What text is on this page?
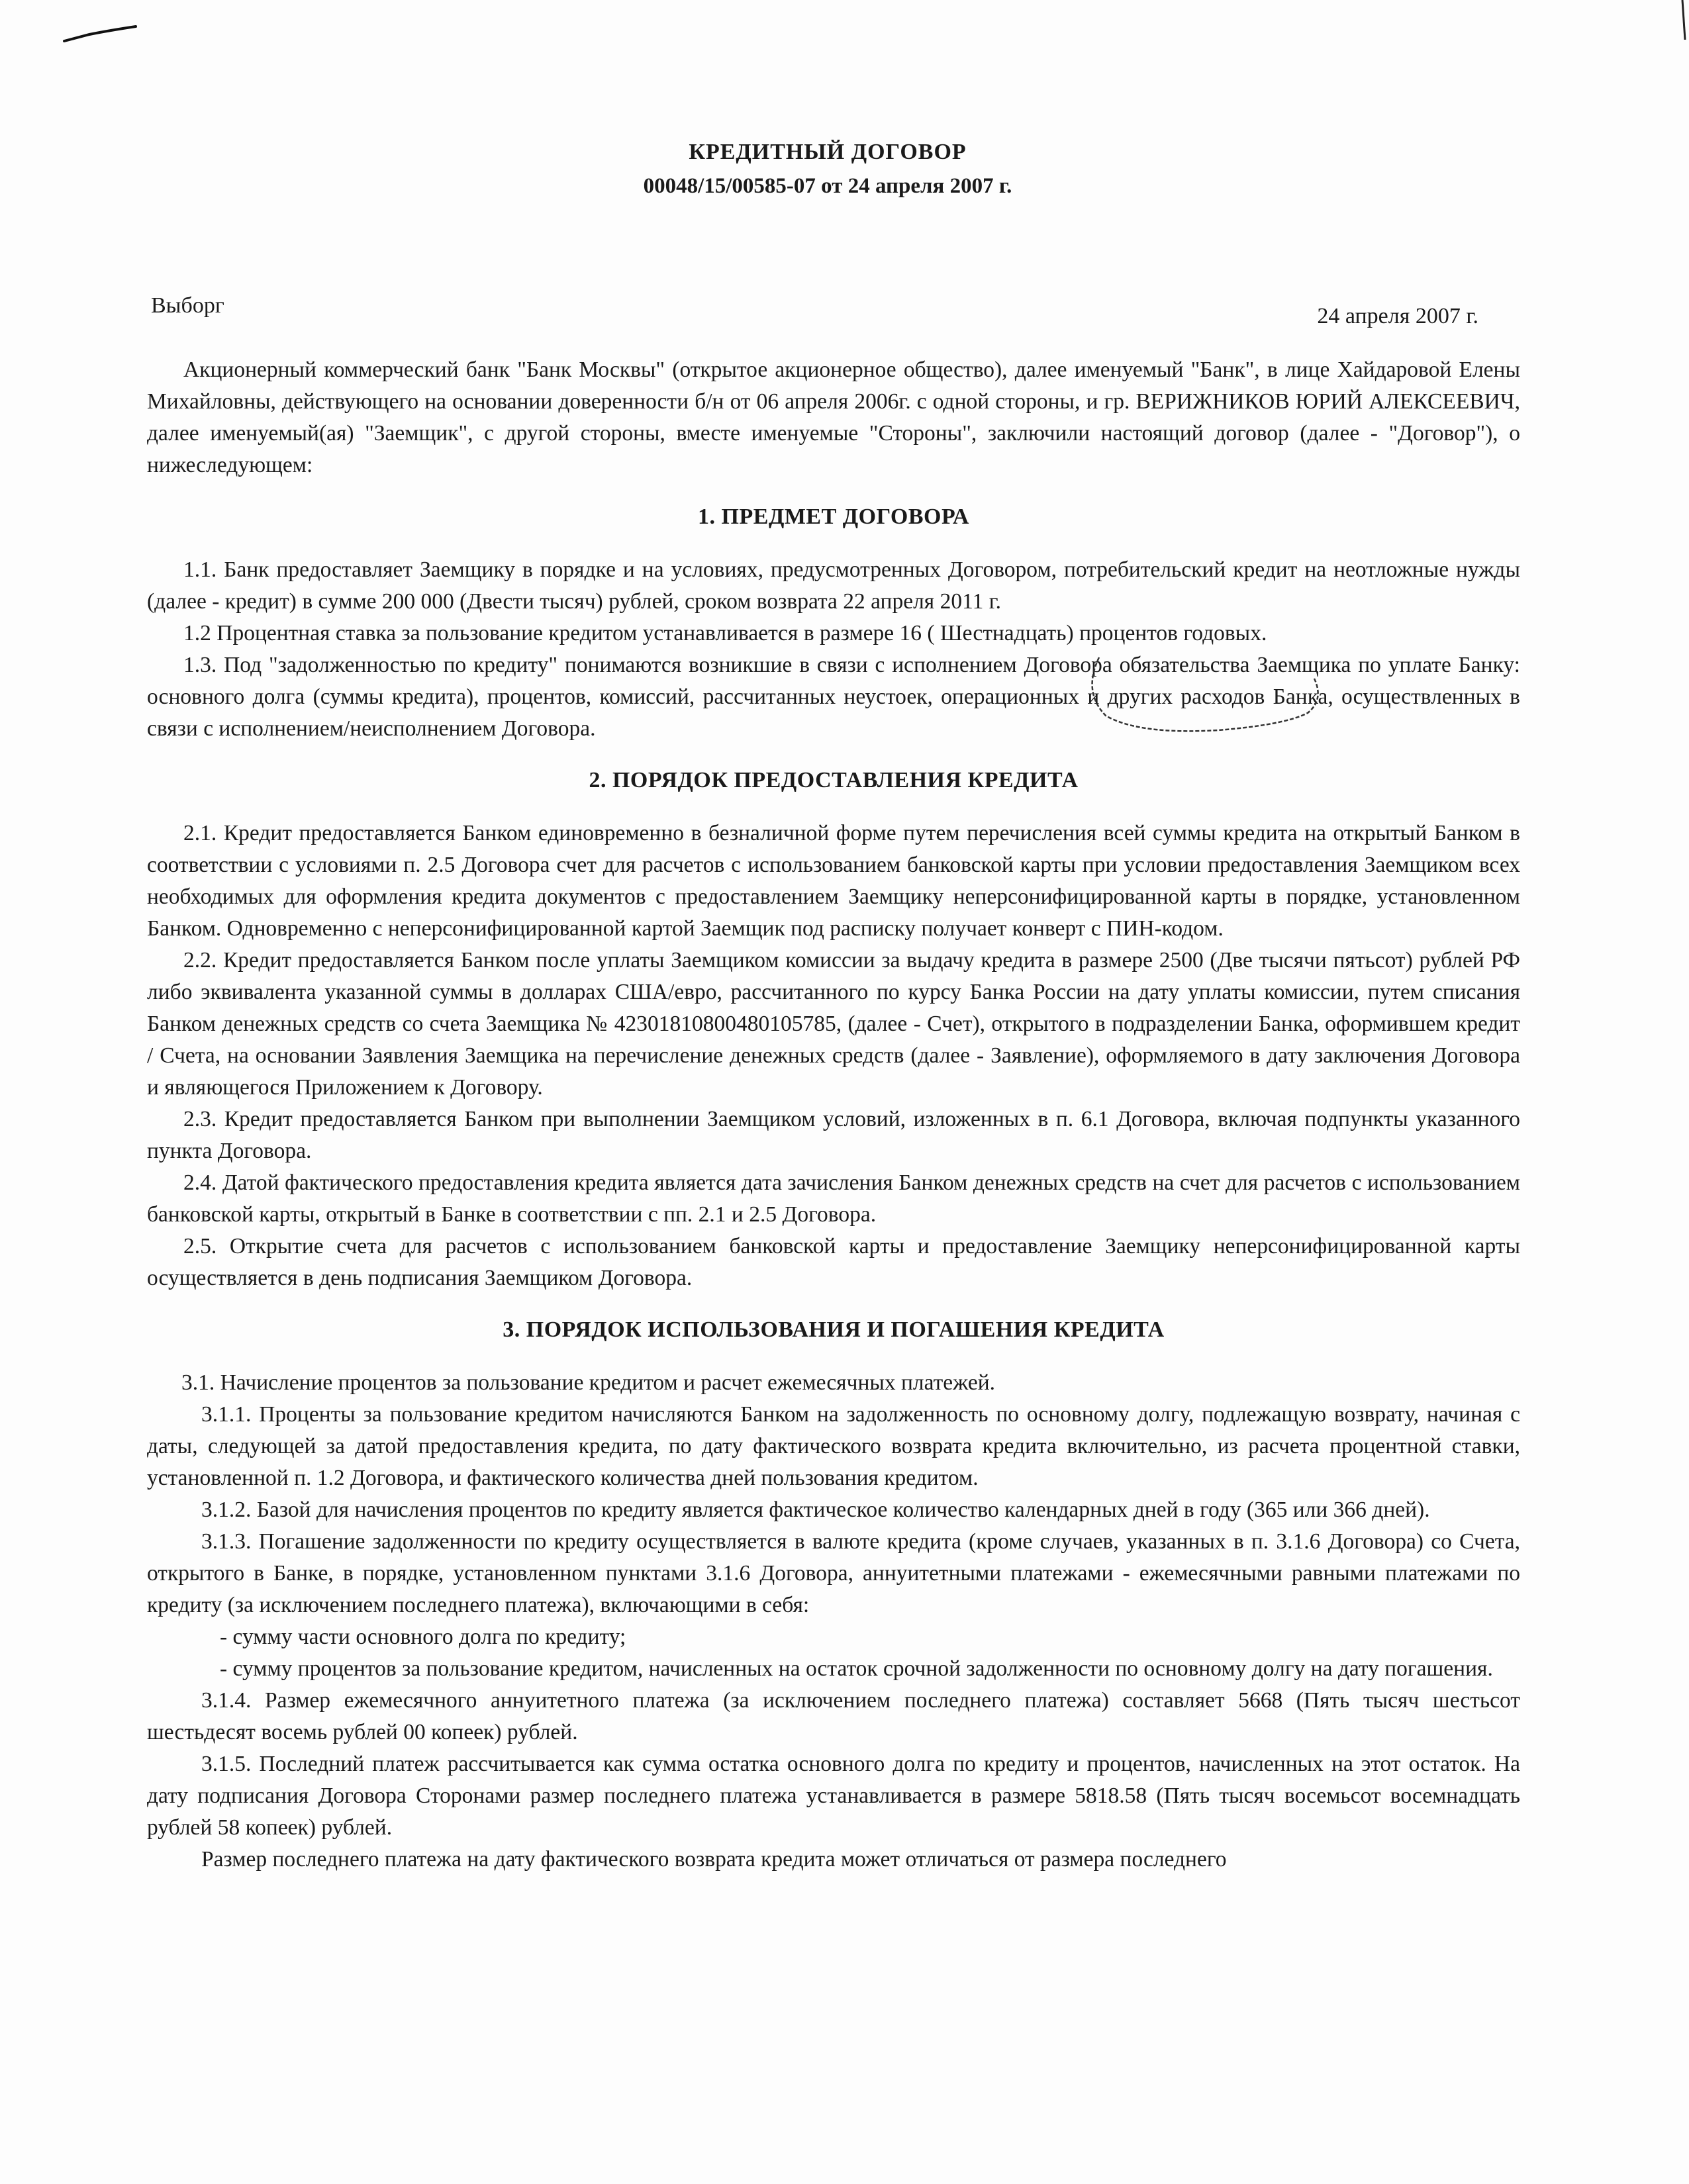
КРЕДИТНЫЙ ДОГОВОР
00048/15/00585-07 от 24 апреля 2007 г.
Выборг	24 апреля 2007 г.

Акционерный коммерческий банк "Банк Москвы" (открытое акционерное общество), далее именуемый "Банк", в лице Хайдаровой Елены Михайловны, действующего на основании доверенности б/н от 06 апреля 2006г. с одной стороны, и гр. ВЕРИЖНИКОВ ЮРИЙ АЛЕКСЕЕВИЧ, далее именуемый(ая) "Заемщик", с другой стороны, вместе именуемые "Стороны", заключили настоящий договор (далее - "Договор"), о нижеследующем:

1. ПРЕДМЕТ ДОГОВОРА

1.1. Банк предоставляет Заемщику в порядке и на условиях, предусмотренных Договором, потребительский кредит на неотложные нужды (далее - кредит) в сумме 200 000 (Двести тысяч) рублей, сроком возврата 22 апреля 2011 г.

1.2 Процентная ставка за пользование кредитом устанавливается в размере 16 ( Шестнадцать) процентов годовых.

1.3. Под "задолженностью по кредиту" понимаются возникшие в связи с исполнением Договора обязательства Заемщика по уплате Банку: основного долга (суммы кредита), процентов, комиссий, рассчитанных неустоек, операционных и других расходов Банка, осуществленных в связи с исполнением/неисполнением Договора.

2. ПОРЯДОК ПРЕДОСТАВЛЕНИЯ КРЕДИТА

2.1. Кредит предоставляется Банком единовременно в безналичной форме путем перечисления всей суммы кредита на открытый Банком в соответствии с условиями п. 2.5 Договора счет для расчетов с использованием банковской карты при условии предоставления Заемщиком всех необходимых для оформления кредита документов с предоставлением Заемщику неперсонифицированной карты в порядке, установленном Банком. Одновременно с неперсонифицированной картой Заемщик под расписку получает конверт с ПИН-кодом.

2.2. Кредит предоставляется Банком после уплаты Заемщиком комиссии за выдачу кредита в размере 2500 (Две тысячи пятьсот) рублей РФ либо эквивалента указанной суммы в долларах США/евро, рассчитанного по курсу Банка России на дату уплаты комиссии, путем списания Банком денежных средств со счета Заемщика № 42301810800480105785, (далее - Счет), открытого в подразделении Банка, оформившем кредит / Счета, на основании Заявления Заемщика на перечисление денежных средств (далее - Заявление), оформляемого в дату заключения Договора и являющегося Приложением к Договору.

2.3. Кредит предоставляется Банком при выполнении Заемщиком условий, изложенных в п. 6.1 Договора, включая подпункты указанного пункта Договора.

2.4. Датой фактического предоставления кредита является дата зачисления Банком денежных средств на счет для расчетов с использованием банковской карты, открытый в Банке в соответствии с пп. 2.1 и 2.5 Договора.

2.5. Открытие счета для расчетов с использованием банковской карты и предоставление Заемщику неперсонифицированной карты осуществляется в день подписания Заемщиком Договора.

3. ПОРЯДОК ИСПОЛЬЗОВАНИЯ И ПОГАШЕНИЯ КРЕДИТА

3.1. Начисление процентов за пользование кредитом и расчет ежемесячных платежей.

3.1.1. Проценты за пользование кредитом начисляются Банком на задолженность по основному долгу, подлежащую возврату, начиная с даты, следующей за датой предоставления кредита, по дату фактического возврата кредита включительно, из расчета процентной ставки, установленной п. 1.2 Договора, и фактического количества дней пользования кредитом.

3.1.2. Базой для начисления процентов по кредиту является фактическое количество календарных дней в году (365 или 366 дней).

3.1.3. Погашение задолженности по кредиту осуществляется в валюте кредита (кроме случаев, указанных в п. 3.1.6 Договора) со Счета, открытого в Банке, в порядке, установленном пунктами 3.1.6 Договора, аннуитетными платежами - ежемесячными равными платежами по кредиту (за исключением последнего платежа), включающими в себя:

- сумму части основного долга по кредиту;

- сумму процентов за пользование кредитом, начисленных на остаток срочной задолженности по основному долгу на дату погашения.

3.1.4. Размер ежемесячного аннуитетного платежа (за исключением последнего платежа) составляет 5668 (Пять тысяч шестьсот шестьдесят восемь рублей 00 копеек) рублей.

3.1.5. Последний платеж рассчитывается как сумма остатка основного долга по кредиту и процентов, начисленных на этот остаток. На дату подписания Договора Сторонами размер последнего платежа устанавливается в размере 5818.58 (Пять тысяч восемьсот восемнадцать рублей 58 копеек) рублей.

Размер последнего платежа на дату фактического возврата кредита может отличаться от размера последнего
